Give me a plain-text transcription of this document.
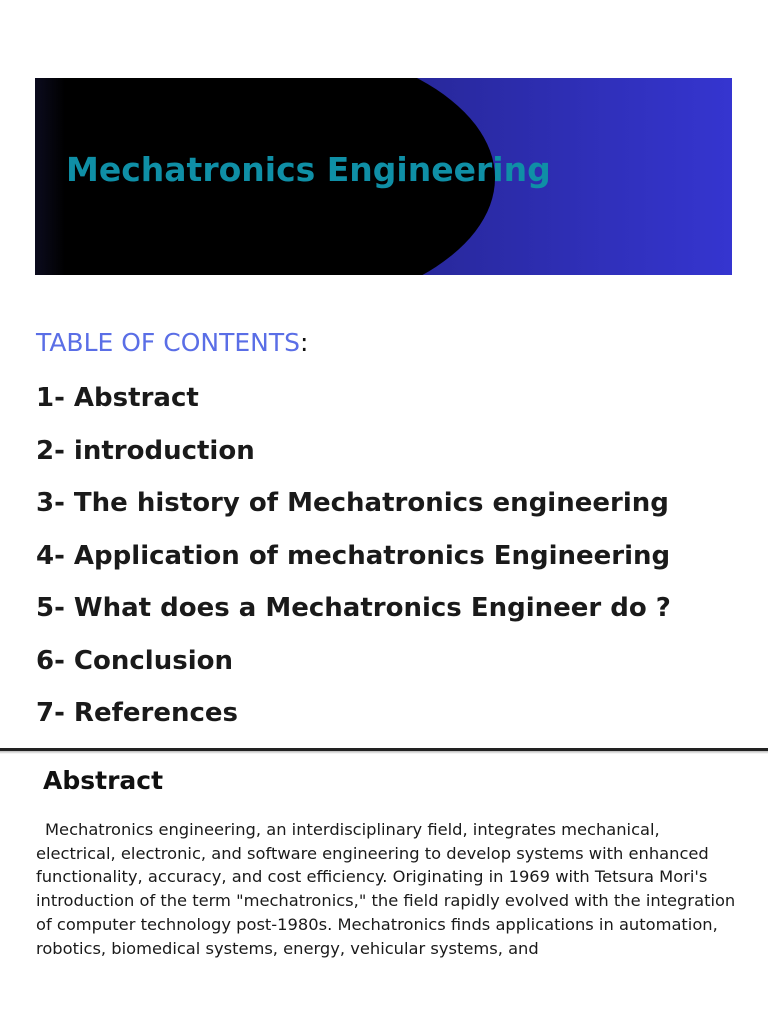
Mechatronics Engineering
TABLE OF CONTENTS:
1- Abstract
2- introduction
3- The history of Mechatronics engineering
4- Application of mechatronics Engineering
5- What does a Mechatronics Engineer do ?
6- Conclusion
7- References
Abstract

Mechatronics engineering, an interdisciplinary field, integrates mechanical, electrical, electronic, and software engineering to develop systems with enhanced functionality, accuracy, and cost efficiency. Originating in 1969 with Tetsura Mori's introduction of the term "mechatronics," the field rapidly evolved with the integration of computer technology post-1980s. Mechatronics finds applications in automation, robotics, biomedical systems, energy, vehicular systems, and
